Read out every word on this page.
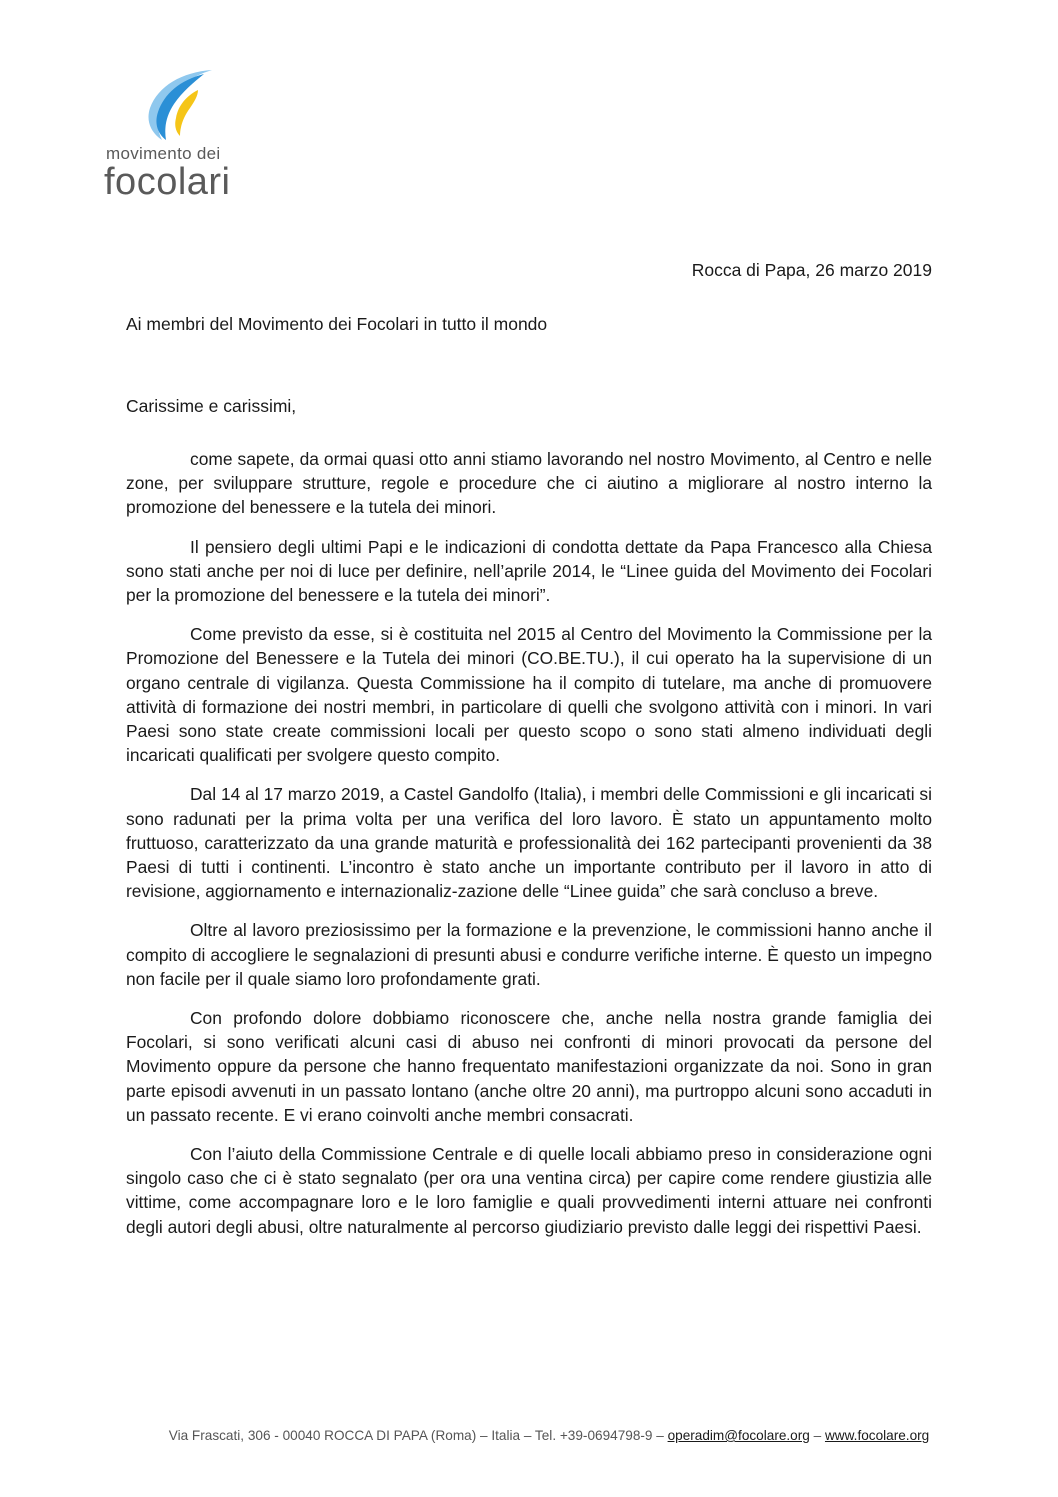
movimento dei
focolari
Rocca di Papa, 26 marzo 2019
Ai membri del Movimento dei Focolari in tutto il mondo
Carissime e carissimi,

come sapete, da ormai quasi otto anni stiamo lavorando nel nostro Movimento, al Centro e nelle zone, per sviluppare strutture, regole e procedure che ci aiutino a migliorare al nostro interno la promozione del benessere e la tutela dei minori.

Il pensiero degli ultimi Papi e le indicazioni di condotta dettate da Papa Francesco alla Chiesa sono stati anche per noi di luce per definire, nell’aprile 2014, le “Linee guida del Movimento dei Focolari per la promozione del benessere e la tutela dei minori”.

Come previsto da esse, si è costituita nel 2015 al Centro del Movimento la Commissione per la Promozione del Benessere e la Tutela dei minori (CO.BE.TU.), il cui operato ha la supervisione di un organo centrale di vigilanza. Questa Commissione ha il compito di tutelare, ma anche di promuovere attività di formazione dei nostri membri, in particolare di quelli che svolgono attività con i minori. In vari Paesi sono state create commissioni locali per questo scopo o sono stati almeno individuati degli incaricati qualificati per svolgere questo compito.

Dal 14 al 17 marzo 2019, a Castel Gandolfo (Italia), i membri delle Commissioni e gli incaricati si sono radunati per la prima volta per una verifica del loro lavoro. È stato un appuntamento molto fruttuoso, caratterizzato da una grande maturità e professionalità dei 162 partecipanti provenienti da 38 Paesi di tutti i continenti. L’incontro è stato anche un importante contributo per il lavoro in atto di revisione, aggiornamento e internazionaliz-zazione delle “Linee guida” che sarà concluso a breve.

Oltre al lavoro preziosissimo per la formazione e la prevenzione, le commissioni hanno anche il compito di accogliere le segnalazioni di presunti abusi e condurre verifiche interne. È questo un impegno non facile per il quale siamo loro profondamente grati.

Con profondo dolore dobbiamo riconoscere che, anche nella nostra grande famiglia dei Focolari, si sono verificati alcuni casi di abuso nei confronti di minori provocati da persone del Movimento oppure da persone che hanno frequentato manifestazioni organizzate da noi. Sono in gran parte episodi avvenuti in un passato lontano (anche oltre 20 anni), ma purtroppo alcuni sono accaduti in un passato recente. E vi erano coinvolti anche membri consacrati.

Con l’aiuto della Commissione Centrale e di quelle locali abbiamo preso in considerazione ogni singolo caso che ci è stato segnalato (per ora una ventina circa) per capire come rendere giustizia alle vittime, come accompagnare loro e le loro famiglie e quali provvedimenti interni attuare nei confronti degli autori degli abusi, oltre naturalmente al percorso giudiziario previsto dalle leggi dei rispettivi Paesi.

Via Frascati, 306 - 00040 ROCCA DI PAPA (Roma) – Italia – Tel. +39-0694798-9 – operadim@focolare.org – www.focolare.org
